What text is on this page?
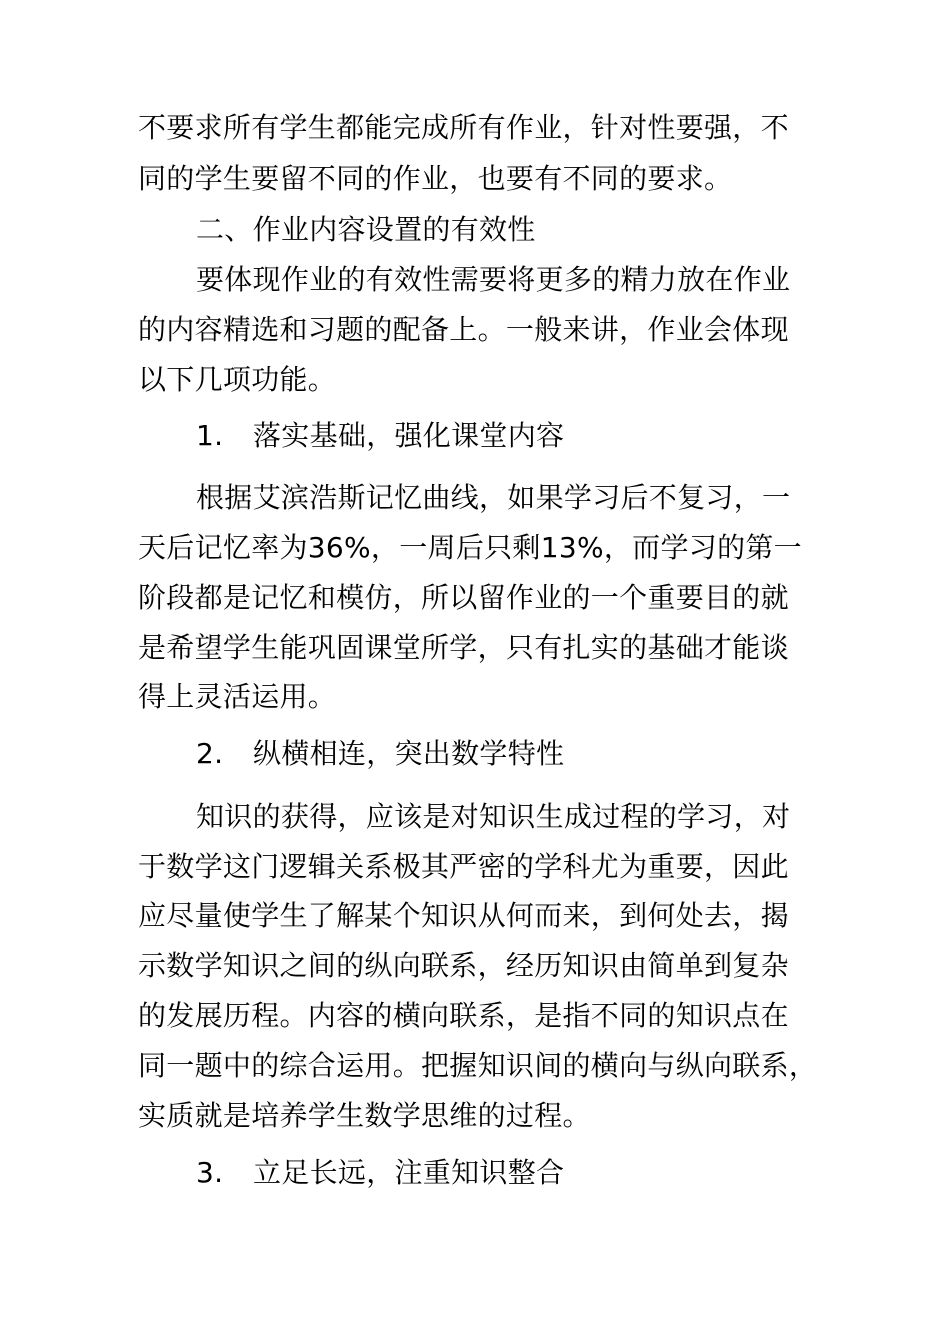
不要求所有学生都能完成所有作业，针对性要强，不
同的学生要留不同的作业，也要有不同的要求。
二、作业内容设置的有效性
要体现作业的有效性需要将更多的精力放在作业
的内容精选和习题的配备上。一般来讲，作业会体现
以下几项功能。
1. 落实基础，强化课堂内容
根据艾滨浩斯记忆曲线，如果学习后不复习，一
天后记忆率为36%，一周后只剩13%，而学习的第一
阶段都是记忆和模仿，所以留作业的一个重要目的就
是希望学生能巩固课堂所学，只有扎实的基础才能谈
得上灵活运用。
2. 纵横相连，突出数学特性
知识的获得，应该是对知识生成过程的学习，对
于数学这门逻辑关系极其严密的学科尤为重要，因此
应尽量使学生了解某个知识从何而来，到何处去，揭
示数学知识之间的纵向联系，经历知识由简单到复杂
的发展历程。内容的横向联系，是指不同的知识点在
同一题中的综合运用。把握知识间的横向与纵向联系，
实质就是培养学生数学思维的过程。
3. 立足长远，注重知识整合
